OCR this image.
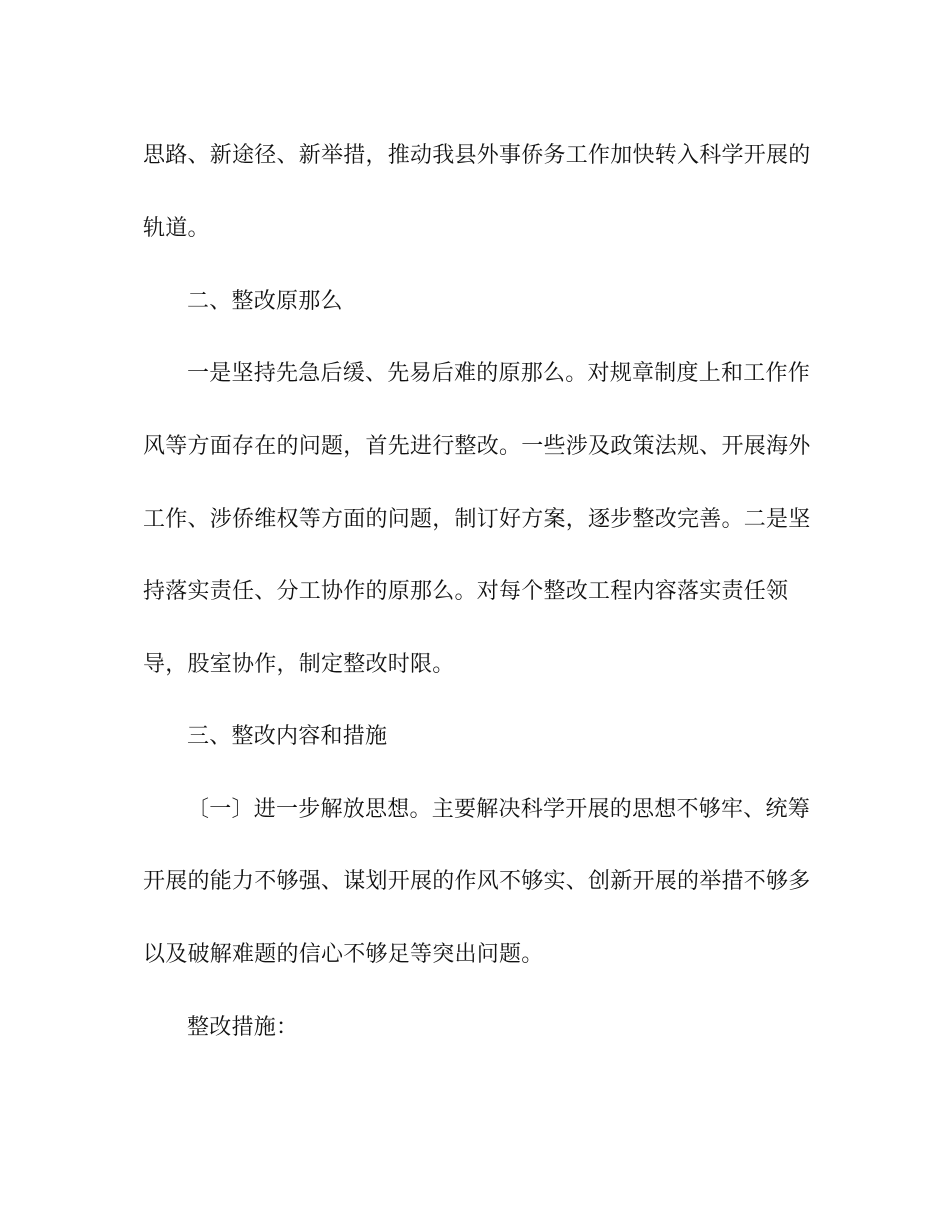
思路、新途径、新举措，推动我县外事侨务工作加快转入科学开展的
轨道。
二、整改原那么
一是坚持先急后缓、先易后难的原那么。对规章制度上和工作作
风等方面存在的问题，首先进行整改。一些涉及政策法规、开展海外
工作、涉侨维权等方面的问题，制订好方案，逐步整改完善。二是坚
持落实责任、分工协作的原那么。对每个整改工程内容落实责任领
导，股室协作，制定整改时限。
三、整改内容和措施
〔一〕进一步解放思想。主要解决科学开展的思想不够牢、统筹
开展的能力不够强、谋划开展的作风不够实、创新开展的举措不够多
以及破解难题的信心不够足等突出问题。
整改措施：
